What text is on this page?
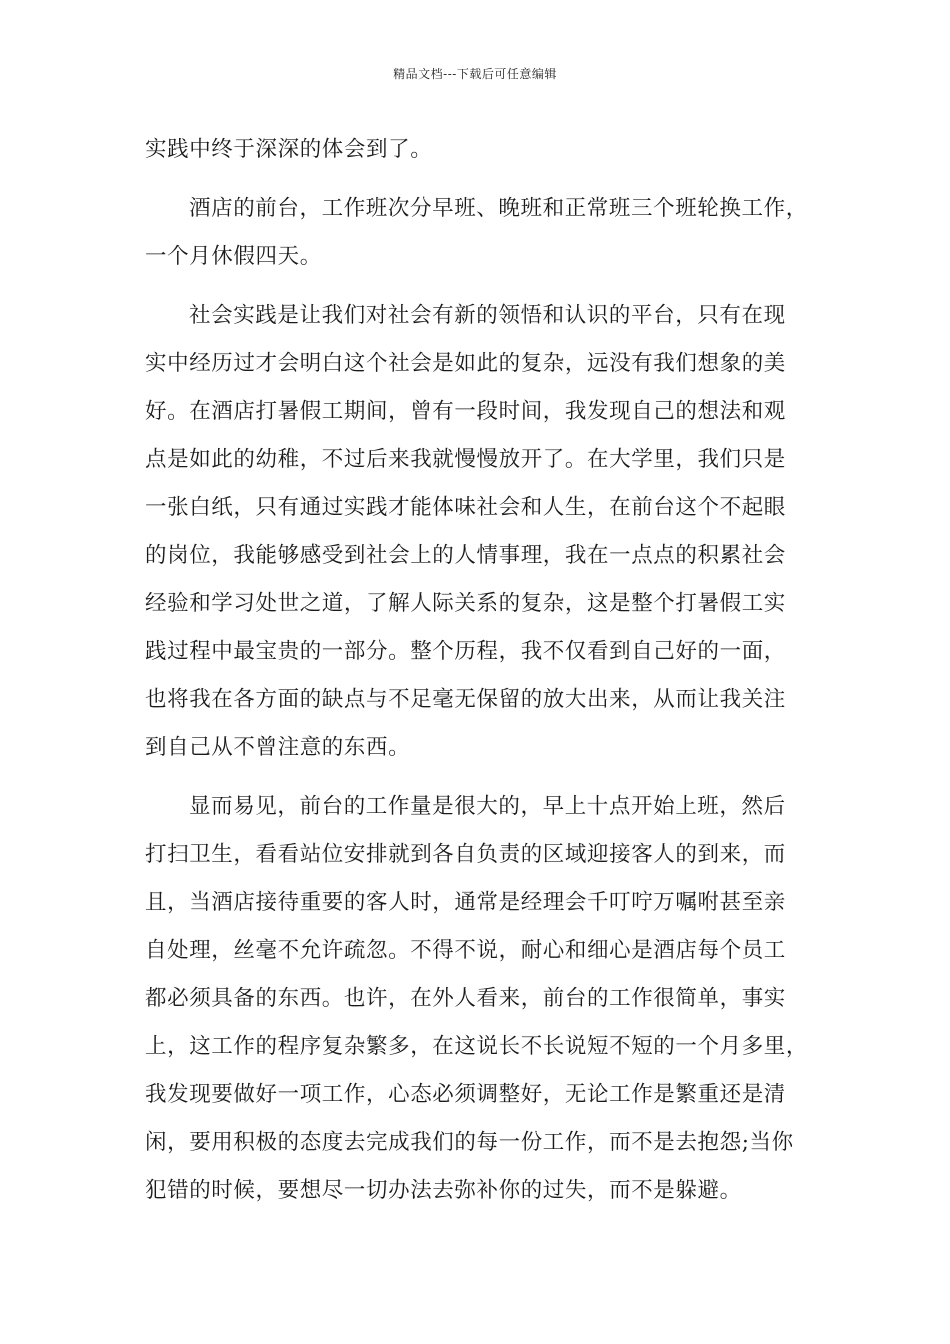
精品文档---下载后可任意编辑
实践中终于深深的体会到了。
酒店的前台，工作班次分早班、晚班和正常班三个班轮换工作，
一个月休假四天。
社会实践是让我们对社会有新的领悟和认识的平台，只有在现
实中经历过才会明白这个社会是如此的复杂，远没有我们想象的美
好。在酒店打暑假工期间，曾有一段时间，我发现自己的想法和观
点是如此的幼稚，不过后来我就慢慢放开了。在大学里，我们只是
一张白纸，只有通过实践才能体味社会和人生，在前台这个不起眼
的岗位，我能够感受到社会上的人情事理，我在一点点的积累社会
经验和学习处世之道，了解人际关系的复杂，这是整个打暑假工实
践过程中最宝贵的一部分。整个历程，我不仅看到自己好的一面，
也将我在各方面的缺点与不足毫无保留的放大出来，从而让我关注
到自己从不曾注意的东西。
显而易见，前台的工作量是很大的，早上十点开始上班，然后
打扫卫生，看看站位安排就到各自负责的区域迎接客人的到来，而
且，当酒店接待重要的客人时，通常是经理会千叮咛万嘱咐甚至亲
自处理，丝毫不允许疏忽。不得不说，耐心和细心是酒店每个员工
都必须具备的东西。也许，在外人看来，前台的工作很简单，事实
上，这工作的程序复杂繁多，在这说长不长说短不短的一个月多里，
我发现要做好一项工作，心态必须调整好，无论工作是繁重还是清
闲，要用积极的态度去完成我们的每一份工作，而不是去抱怨;当你
犯错的时候，要想尽一切办法去弥补你的过失，而不是躲避。
